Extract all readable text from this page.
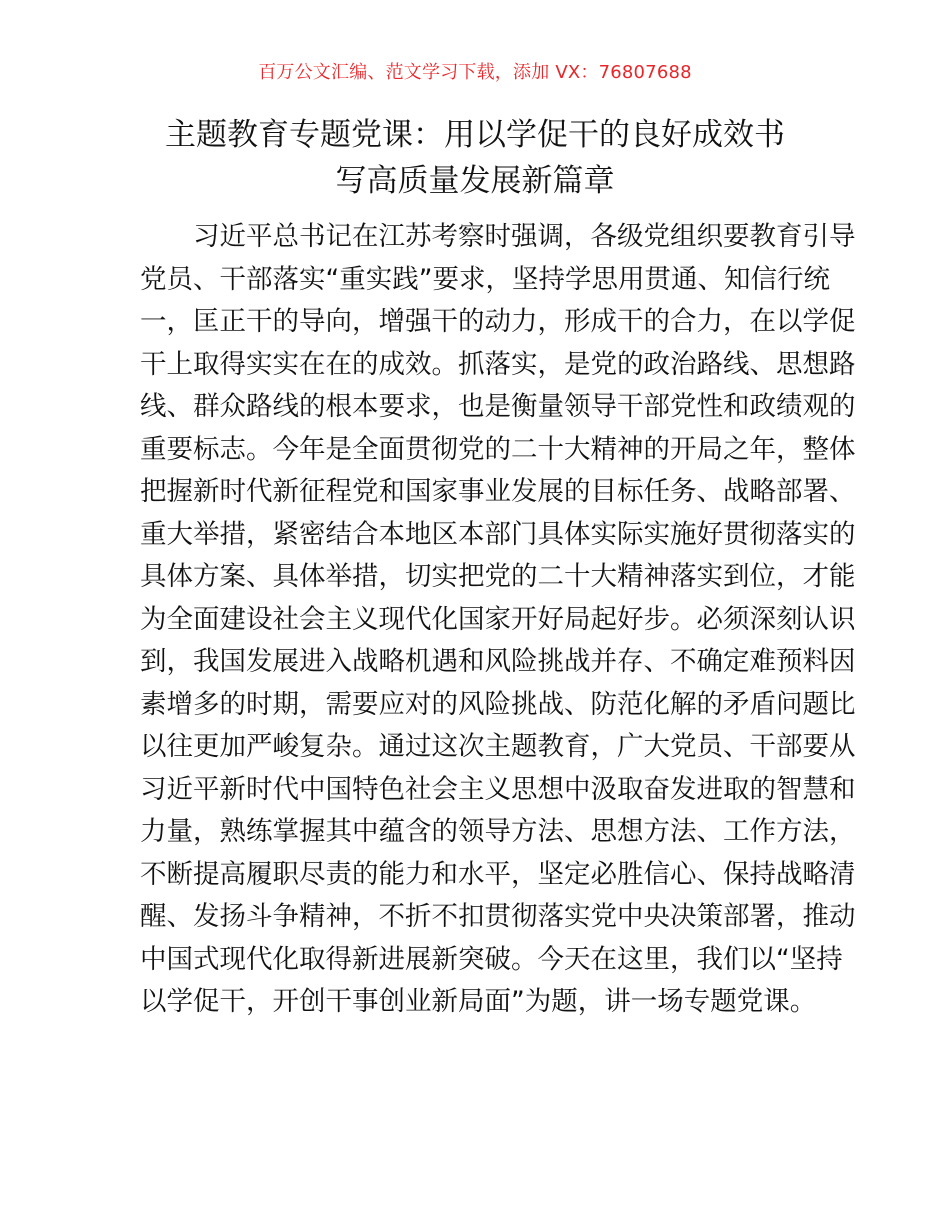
百万公文汇编、范文学习下载，添加 VX：76807688
主题教育专题党课：用以学促干的良好成效书
写高质量发展新篇章
习近平总书记在江苏考察时强调，各级党组织要教育引导
党员、干部落实“重实践”要求，坚持学思用贯通、知信行统
一，匡正干的导向，增强干的动力，形成干的合力，在以学促
干上取得实实在在的成效。抓落实，是党的政治路线、思想路
线、群众路线的根本要求，也是衡量领导干部党性和政绩观的
重要标志。今年是全面贯彻党的二十大精神的开局之年，整体
把握新时代新征程党和国家事业发展的目标任务、战略部署、
重大举措，紧密结合本地区本部门具体实际实施好贯彻落实的
具体方案、具体举措，切实把党的二十大精神落实到位，才能
为全面建设社会主义现代化国家开好局起好步。必须深刻认识
到，我国发展进入战略机遇和风险挑战并存、不确定难预料因
素增多的时期，需要应对的风险挑战、防范化解的矛盾问题比
以往更加严峻复杂。通过这次主题教育，广大党员、干部要从
习近平新时代中国特色社会主义思想中汲取奋发进取的智慧和
力量，熟练掌握其中蕴含的领导方法、思想方法、工作方法，
不断提高履职尽责的能力和水平，坚定必胜信心、保持战略清
醒、发扬斗争精神，不折不扣贯彻落实党中央决策部署，推动
中国式现代化取得新进展新突破。今天在这里，我们以“坚持
以学促干，开创干事创业新局面”为题，讲一场专题党课。
